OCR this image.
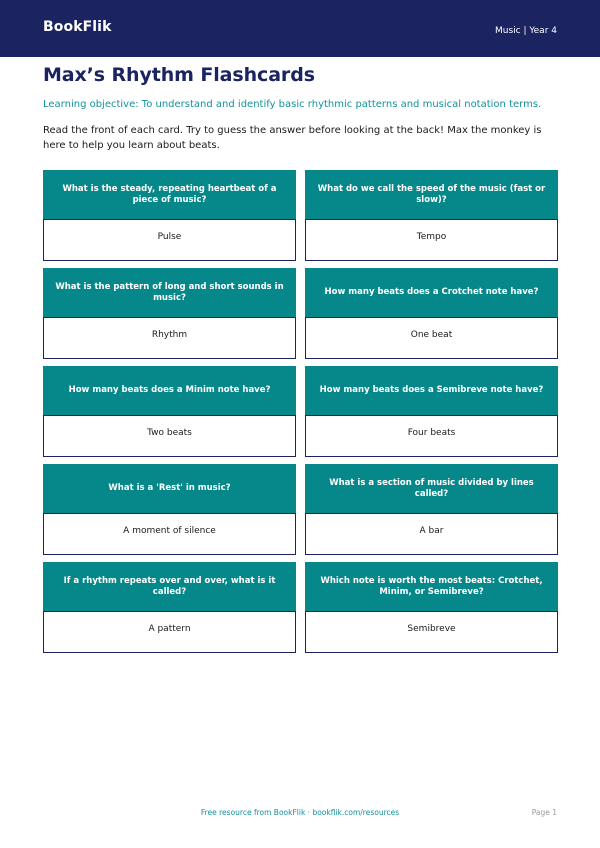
BookFlik	Music | Year 4
Max’s Rhythm Flashcards

Learning objective: To understand and identify basic rhythmic patterns and musical notation terms.

Read the front of each card. Try to guess the answer before looking at the back! Max the monkey is here to help you learn about beats.

What is the steady, repeating heartbeat of a piece of music?
Pulse
What do we call the speed of the music (fast or slow)?
Tempo
What is the pattern of long and short sounds in music?
Rhythm
How many beats does a Crotchet note have?
One beat
How many beats does a Minim note have?
Two beats
How many beats does a Semibreve note have?
Four beats
What is a 'Rest' in music?
A moment of silence
What is a section of music divided by lines called?
A bar
If a rhythm repeats over and over, what is it called?
A pattern
Which note is worth the most beats: Crotchet, Minim, or Semibreve?
Semibreve
Free resource from BookFlik · bookflik.com/resources	Page 1
